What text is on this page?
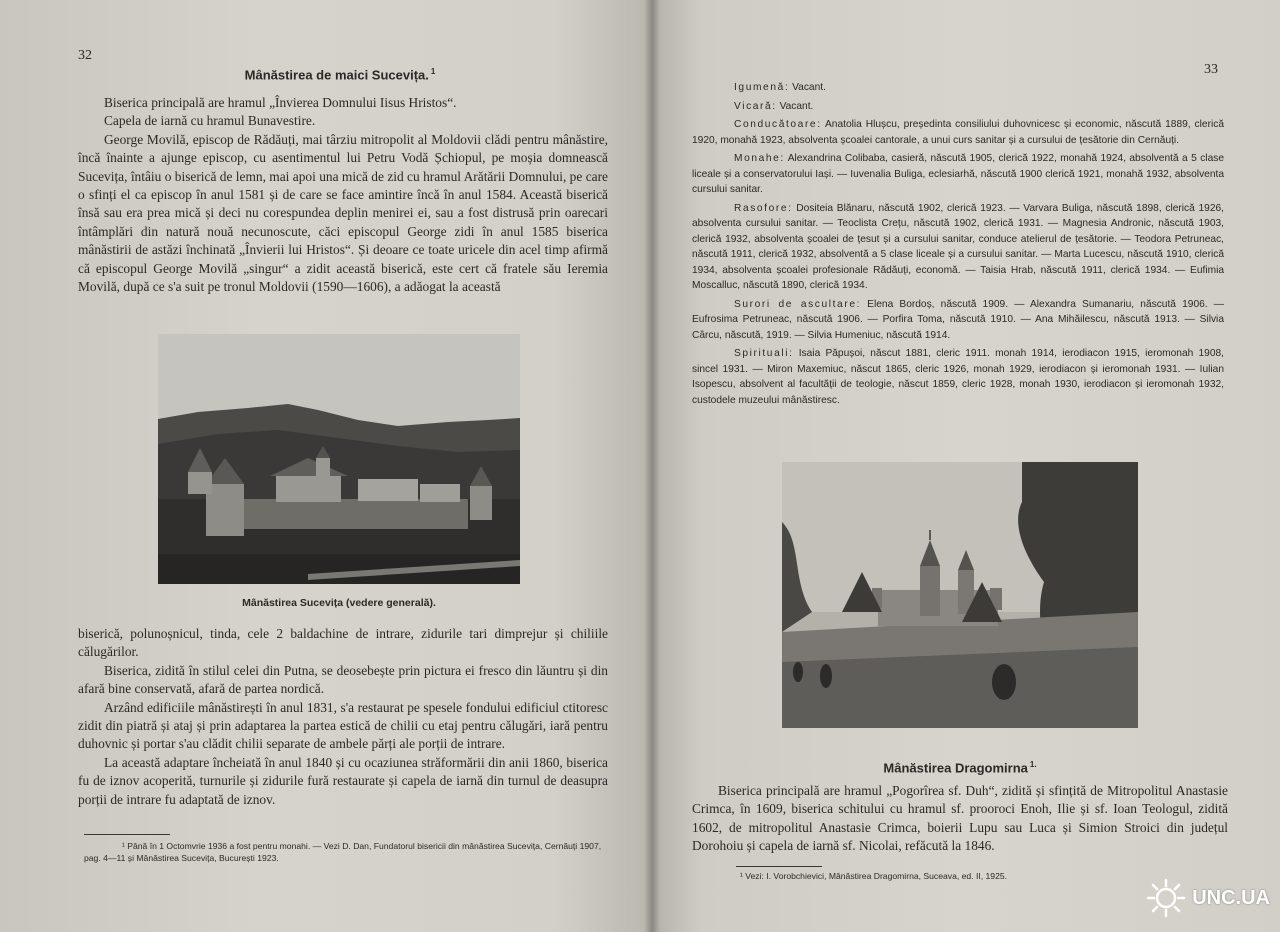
32
Mânăstirea de maici Sucevița. $^1$

Biserica principală are hramul „Învierea Domnului Iisus Hristos“.

Capela de iarnă cu hramul Bunavestire.

George Movilă, episcop de Rădăuți, mai târziu mitropolit al Moldovii clădi pentru mânăstire, încă înainte a ajunge episcop, cu asentimentul lui Petru Vodă Șchiopul, pe moșia domnească Sucevița, întâiu o biserică de lemn, mai apoi una mică de zid cu hramul Arătării Domnului, pe care o sfinți el ca episcop în anul 1581 și de care se face amintire încă în anul 1584. Această biserică însă sau era prea mică și deci nu corespundea deplin menirei ei, sau a fost distrusă prin oarecari întâmplări din natură nouă necunoscute, căci episcopul George zidi în anul 1585 biserica mânăstirii de astăzi închinată „Învierii lui Hristos“. Și deoare ce toate uricele din acel timp afirmă că episcopul George Movilă „singur“ a zidit această biserică, este cert că fratele său Ieremia Movilă, după ce s'a suit pe tronul Moldovii (1590—1606), a adăogat la această

Mânăstirea Sucevița (vedere generală).

biserică, polunoșnicul, tinda, cele 2 baldachine de intrare, zidurile tari dimprejur și chiliile călugărilor.

Biserica, zidită în stilul celei din Putna, se deosebește prin pictura ei fresco din lăuntru și din afară bine conservată, afară de partea nordică.

Arzând edificiile mânăstirești în anul 1831, s'a restaurat pe spesele fondului edificiul ctitoresc zidit din piatră și ataj și prin adaptarea la partea estică de chilii cu etaj pentru călugări, iară pentru duhovnic și portar s'au clădit chilii separate de ambele părți ale porții de intrare.

La această adaptare încheiată în anul 1840 și cu ocaziunea străformării din anii 1860, biserica fu de iznov acoperită, turnurile și zidurile fură restaurate și capela de iarnă din turnul de deasupra porții de intrare fu adaptată de iznov.

¹ Până în 1 Octomvrie 1936 a fost pentru monahi. — Vezi D. Dan, Fundatorul bisericii din mânăstirea Sucevița, Cernăuți 1907, pag. 4—11 și Mânăstirea Sucevița, București 1923.

33

Igumenă: Vacant.

Vicară: Vacant.

Conducătoare: Anatolia Hlușcu, președinta consiliului duhovnicesc și economic, născută 1889, clerică 1920, monahă 1923, absolventa școalei cantorale, a unui curs sanitar și a cursului de țesătorie din Cernăuți.

Monahe: Alexandrina Colibaba, casieră, născută 1905, clerică 1922, monahă 1924, absolventă a 5 clase liceale și a conservatorului Iași. — Iuvenalia Buliga, eclesiarhă, născută 1900 clerică 1921, monahă 1932, absolventa cursului sanitar.

Rasofore: Dositeia Blănaru, născută 1902, clerică 1923. — Varvara Buliga, născută 1898, clerică 1926, absolventa cursului sanitar. — Teoclista Crețu, născută 1902, clerică 1931. — Magnesia Andronic, născută 1903, clerică 1932, absolventa școalei de țesut și a cursului sanitar, conduce atelierul de țesătorie. — Teodora Petruneac, născută 1911, clerică 1932, absolventă a 5 clase liceale și a cursului sanitar. — Marta Lucescu, născută 1910, clerică 1934, absolventa școalei profesionale Rădăuți, economă. — Taisia Hrab, născută 1911, clerică 1934. — Eufimia Moscalluc, născută 1890, clerică 1934.

Surori de ascultare: Elena Bordoș, născută 1909. — Alexandra Sumanariu, născută 1906. — Eufrosima Petruneac, născută 1906. — Porfira Toma, născută 1910. — Ana Mihăilescu, născută 1913. — Silvia Cârcu, născută, 1919. — Silvia Humeniuc, născută 1914.

Spirituali: Isaia Păpușoi, născut 1881, cleric 1911. monah 1914, ierodiacon 1915, ieromonah 1908, sincel 1931. — Miron Maxemiuc, născut 1865, cleric 1926, monah 1929, ierodiacon și ieromonah 1931. — Iulian Isopescu, absolvent al facultății de teologie, născut 1859, cleric 1928, monah 1930, ierodiacon și ieromonah 1932, custodele muzeului mânăstiresc.

Mânăstirea Dragomirna $^{1.}$

Biserica principală are hramul „Pogorîrea sf. Duh“, zidită și sfințită de Mitropolitul Anastasie Crimca, în 1609, biserica schitului cu hramul sf. prooroci Enoh, Ilie și sf. Ioan Teologul, zidită 1602, de mitropolitul Anastasie Crimca, boierii Lupu sau Luca și Simion Stroici din județul Dorohoiu și capela de iarnă sf. Nicolai, refăcută la 1846.

¹ Vezi: I. Vorobchievici, Mânăstirea Dragomirna, Suceava, ed. II, 1925.

UNC.UA
